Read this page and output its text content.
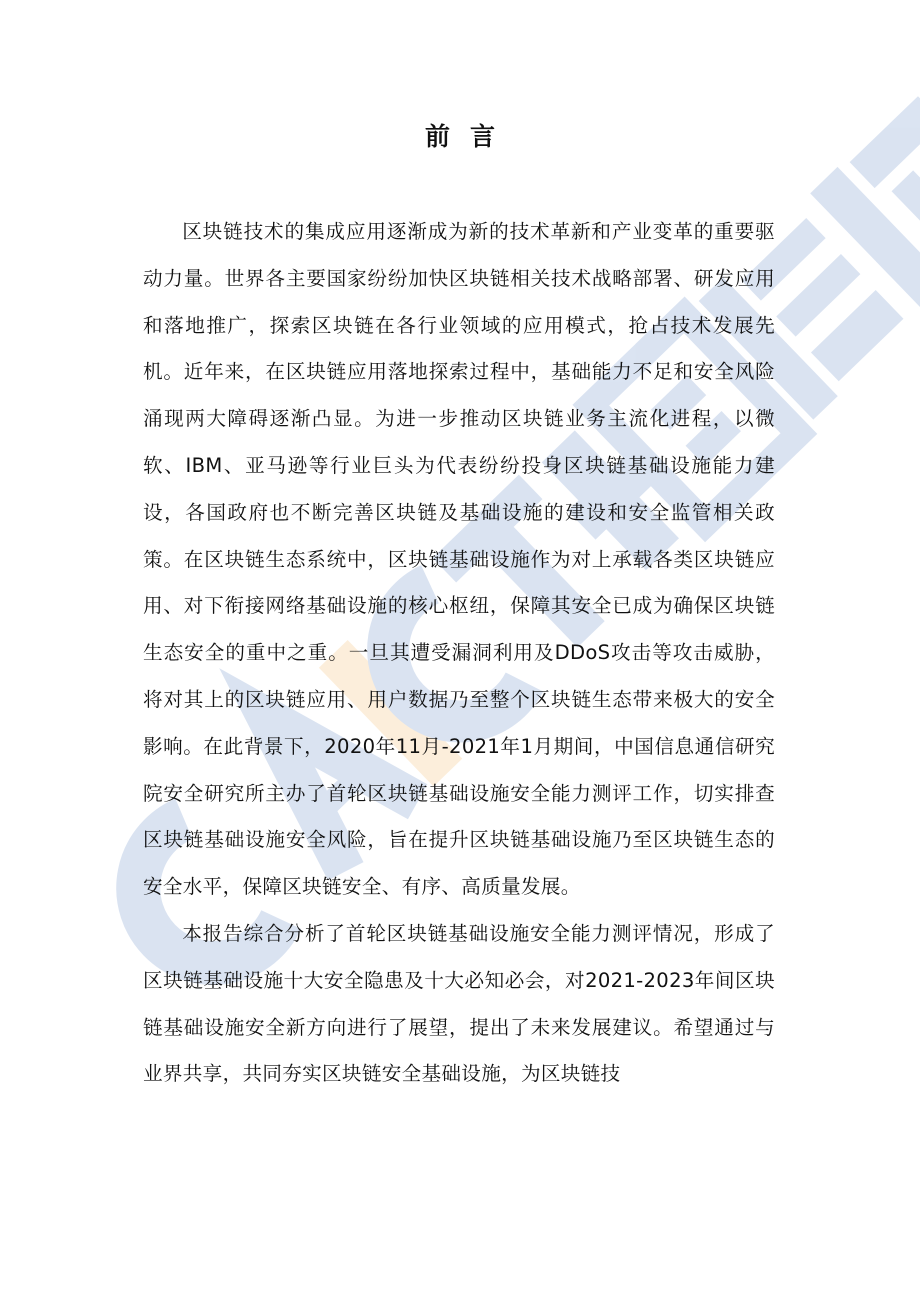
前言

区块链技术的集成应用逐渐成为新的技术革新和产业变革的重要驱动力量。世界各主要国家纷纷加快区块链相关技术战略部署、研发应用和落地推广，探索区块链在各行业领域的应用模式，抢占技术发展先机。近年来，在区块链应用落地探索过程中，基础能力不足和安全风险涌现两大障碍逐渐凸显。为进一步推动区块链业务主流化进程，以微软、IBM、亚马逊等行业巨头为代表纷纷投身区块链基础设施能力建设，各国政府也不断完善区块链及基础设施的建设和安全监管相关政策。在区块链生态系统中，区块链基础设施作为对上承载各类区块链应用、对下衔接网络基础设施的核心枢纽，保障其安全已成为确保区块链生态安全的重中之重。一旦其遭受漏洞利用及DDoS攻击等攻击威胁，将对其上的区块链应用、用户数据乃至整个区块链生态带来极大的安全影响。在此背景下，2020年11月-2021年1月期间，中国信息通信研究院安全研究所主办了首轮区块链基础设施安全能力测评工作，切实排查区块链基础设施安全风险，旨在提升区块链基础设施乃至区块链生态的安全水平，保障区块链安全、有序、高质量发展。

本报告综合分析了首轮区块链基础设施安全能力测评情况，形成了区块链基础设施十大安全隐患及十大必知必会，对2021-2023年间区块链基础设施安全新方向进行了展望，提出了未来发展建议。希望通过与业界共享，共同夯实区块链安全基础设施，为区块链技
